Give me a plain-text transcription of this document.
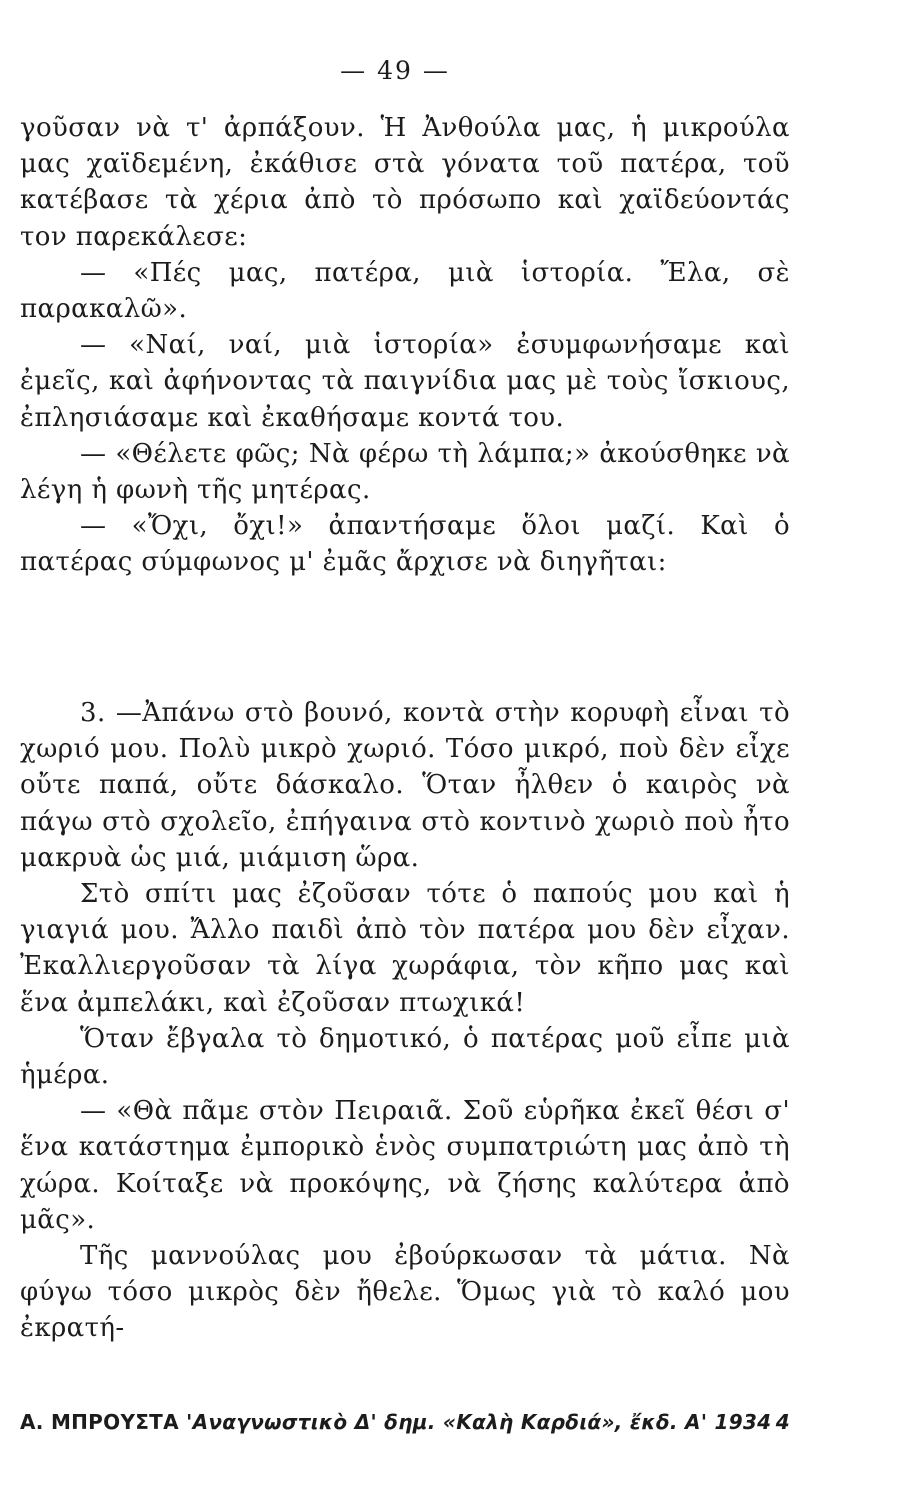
— 49 —

γοῦσαν νὰ τ' ἀρπάξουν. Ἡ Ἀνθούλα μας, ἡ μικρούλα μας χαϊδεμένη, ἐκάθισε στὰ γόνατα τοῦ πατέρα, τοῦ κατέβασε τὰ χέρια ἀπὸ τὸ πρόσωπο καὶ χαϊδεύοντάς τον παρεκάλεσε:

— «Πές μας, πατέρα, μιὰ ἱστορία. Ἔλα, σὲ παρακαλῶ».

— «Ναί, ναί, μιὰ ἱστορία» ἐσυμφωνήσαμε καὶ ἐμεῖς, καὶ ἀφήνοντας τὰ παιγνίδια μας μὲ τοὺς ἴσκιους, ἐπλησιάσαμε καὶ ἐκαθήσαμε κοντά του.

— «Θέλετε φῶς; Νὰ φέρω τὴ λάμπα;» ἀκούσθηκε νὰ λέγη ἡ φωνὴ τῆς μητέρας.

— «Ὄχι, ὄχι!» ἀπαντήσαμε ὅλοι μαζί. Καὶ ὁ πατέρας σύμφωνος μ' ἐμᾶς ἄρχισε νὰ διηγῆται:

3. —Ἀπάνω στὸ βουνό, κοντὰ στὴν κορυφὴ εἶναι τὸ χωριό μου. Πολὺ μικρὸ χωριό. Τόσο μικρό, ποὺ δὲν εἶχε οὔτε παπά, οὔτε δάσκαλο. Ὅταν ἦλθεν ὁ καιρὸς νὰ πάγω στὸ σχολεῖο, ἐπήγαινα στὸ κοντινὸ χωριὸ ποὺ ἦτο μακρυὰ ὡς μιά, μιάμιση ὥρα.

Στὸ σπίτι μας ἐζοῦσαν τότε ὁ παπούς μου καὶ ἡ γιαγιά μου. Ἄλλο παιδὶ ἀπὸ τὸν πατέρα μου δὲν εἶχαν. Ἐκαλλιεργοῦσαν τὰ λίγα χωράφια, τὸν κῆπο μας καὶ ἕνα ἀμπελάκι, καὶ ἐζοῦσαν πτωχικά!

Ὅταν ἔβγαλα τὸ δημοτικό, ὁ πατέρας μοῦ εἶπε μιὰ ἡμέρα.

— «Θὰ πᾶμε στὸν Πειραιᾶ. Σοῦ εὑρῆκα ἐκεῖ θέσι σ' ἕνα κατάστημα ἐμπορικὸ ἑνὸς συμπατριώτη μας ἀπὸ τὴ χώρα. Κοίταξε νὰ προκόψης, νὰ ζήσης καλύτερα ἀπὸ μᾶς».

Τῆς μαννούλας μου ἐβούρκωσαν τὰ μάτια. Νὰ φύγω τόσο μικρὸς δὲν ἤθελε. Ὅμως γιὰ τὸ καλό μου ἐκρατή-

Α. ΜΠΡΟΥΣΤΑ 'Αναγνωστικὸ Δ' δημ. «Καλὴ Καρδιά», ἔκδ. Α' 1934 4
